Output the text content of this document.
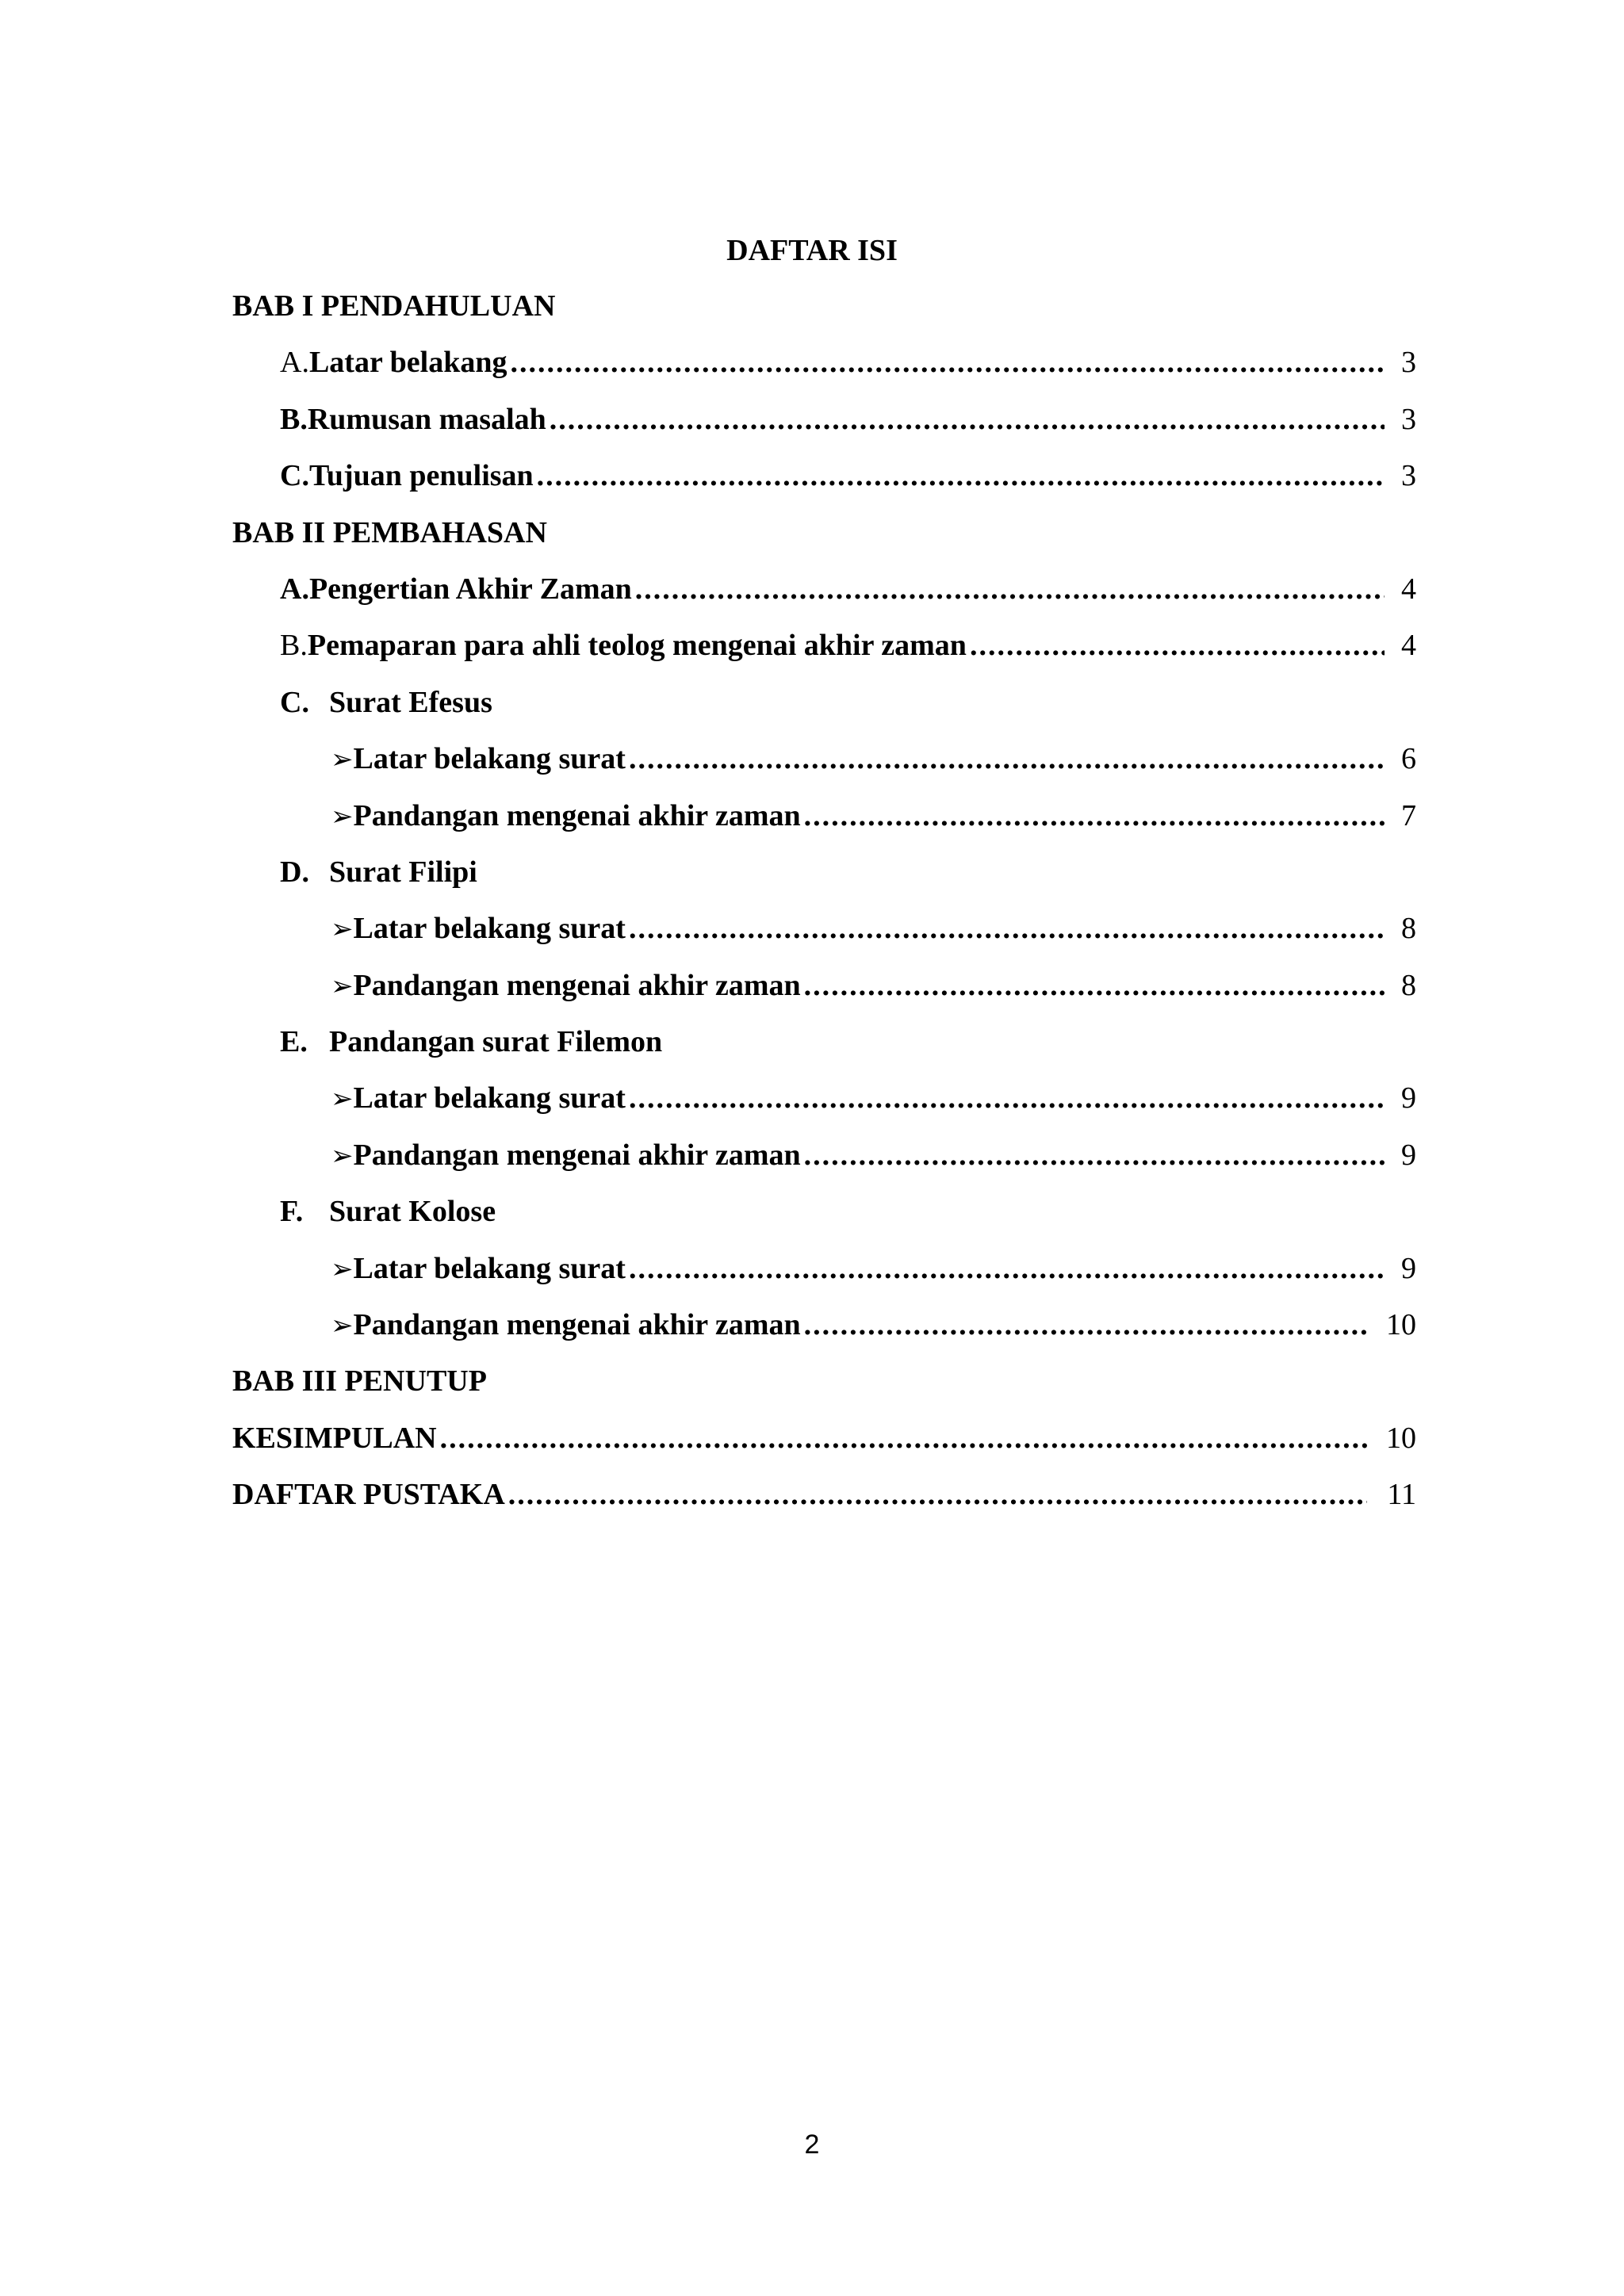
DAFTAR ISI
BAB I PENDAHULUAN
A. Latar belakang .....	3
B. Rumusan masalah .....	3
C. Tujuan penulisan .....	3
BAB II PEMBAHASAN
A. Pengertian Akhir Zaman .....	4
B. Pemaparan para ahli teolog mengenai akhir zaman .....	4
C. Surat Efesus
➢ Latar belakang surat .....	6
➢ Pandangan mengenai akhir zaman .....	7
D. Surat Filipi
➢ Latar belakang surat .....	8
➢ Pandangan mengenai akhir zaman .....	8
E. Pandangan surat Filemon
➢ Latar belakang surat .....	9
➢ Pandangan mengenai akhir zaman .....	9
F. Surat Kolose
➢ Latar belakang surat .....	9
➢ Pandangan mengenai akhir zaman .....	10
BAB III PENUTUP
KESIMPULAN .....	10
DAFTAR PUSTAKA .....	11
2
